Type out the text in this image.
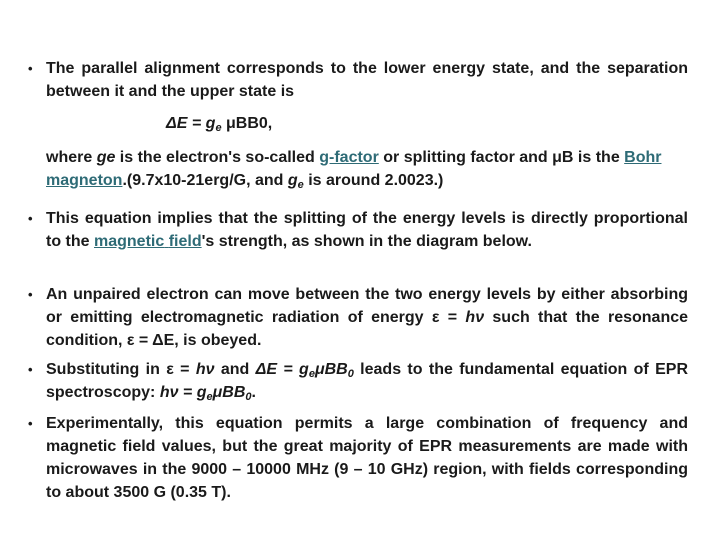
• The parallel alignment corresponds to the lower energy state, and the separation between it and the upper state is
$\Delta E = g_e$ μBB0,
where ge is the electron's so-called g-factor or splitting factor and μB is the Bohr magneton.(9.7x10-21erg/G, and $g_e$ is around 2.0023.)
• This equation implies that the splitting of the energy levels is directly proportional to the magnetic field's strength, as shown in the diagram below.
• An unpaired electron can move between the two energy levels by either absorbing or emitting electromagnetic radiation of energy ε = hν such that the resonance condition, ε = ΔE, is obeyed.
• Substituting in ε = hν and $\Delta E = g_e\mu BB_0$ leads to the fundamental equation of EPR spectroscopy: $h\nu = g_e\mu BB_0$.
• Experimentally, this equation permits a large combination of frequency and magnetic field values, but the great majority of EPR measurements are made with microwaves in the 9000 – 10000 MHz (9 – 10 GHz) region, with fields corresponding to about 3500 G (0.35 T).
